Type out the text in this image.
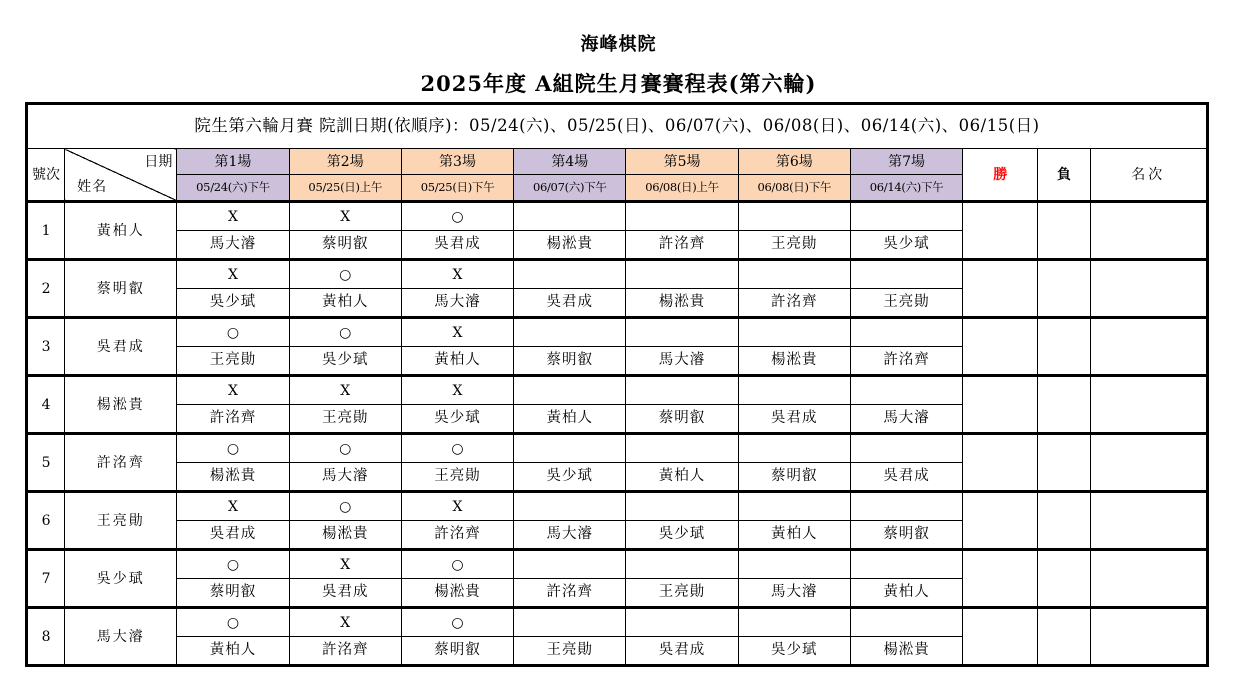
海峰棋院
2025年度 A組院生月賽賽程表(第六輪)
院生第六輪月賽 院訓日期(依順序)：05/24(六)、05/25(日)、06/07(六)、06/08(日)、06/14(六)、06/15(日)											
號次	日期
姓名	第1場	第2場	第3場	第4場	第5場	第6場	第7場	勝	負	名次
		05/24(六)下午	05/25(日)上午	05/25(日)下午	06/07(六)下午	06/08(日)上午	06/08(日)下午	06/14(六)下午			
1	黃柏人	X	X	○							
		馬大濬	蔡明叡	吳君成	楊淞貴	許洺齊	王亮勛	吳少珷			
2	蔡明叡	X	○	X							
		吳少珷	黃柏人	馬大濬	吳君成	楊淞貴	許洺齊	王亮勛			
3	吳君成	○	○	X							
		王亮勛	吳少珷	黃柏人	蔡明叡	馬大濬	楊淞貴	許洺齊			
4	楊淞貴	X	X	X							
		許洺齊	王亮勛	吳少珷	黃柏人	蔡明叡	吳君成	馬大濬			
5	許洺齊	○	○	○							
		楊淞貴	馬大濬	王亮勛	吳少珷	黃柏人	蔡明叡	吳君成			
6	王亮勛	X	○	X							
		吳君成	楊淞貴	許洺齊	馬大濬	吳少珷	黃柏人	蔡明叡			
7	吳少珷	○	X	○							
		蔡明叡	吳君成	楊淞貴	許洺齊	王亮勛	馬大濬	黃柏人			
8	馬大濬	○	X	○							
		黃柏人	許洺齊	蔡明叡	王亮勛	吳君成	吳少珷	楊淞貴			
